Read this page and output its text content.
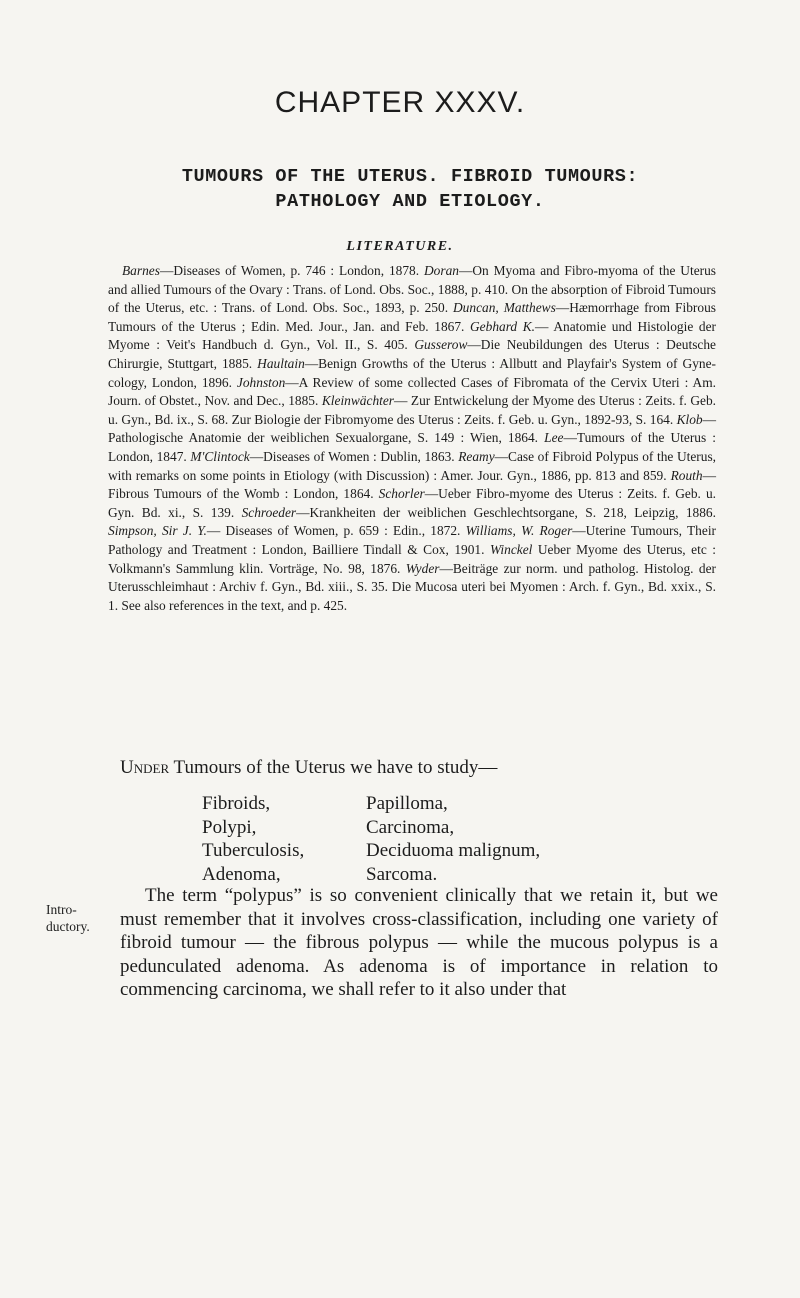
CHAPTER XXXV.
TUMOURS OF THE UTERUS. FIBROID TUMOURS:
PATHOLOGY AND ETIOLOGY.
LITERATURE.

Barnes—Diseases of Women, p. 746 : London, 1878. Doran—On Myoma and Fibro-myoma of the Uterus and allied Tumours of the Ovary : Trans. of Lond. Obs. Soc., 1888, p. 410. On the absorption of Fibroid Tumours of the Uterus, etc. : Trans. of Lond. Obs. Soc., 1893, p. 250. Duncan, Matthews—Hæmorrhage from Fibrous Tumours of the Uterus ; Edin. Med. Jour., Jan. and Feb. 1867. Gebhard K.— Anatomie und Histologie der Myome : Veit's Handbuch d. Gyn., Vol. II., S. 405. Gusserow—Die Neubildungen des Uterus : Deutsche Chirurgie, Stuttgart, 1885. Haultain—Benign Growths of the Uterus : Allbutt and Playfair's System of Gyne-cology, London, 1896. Johnston—A Review of some collected Cases of Fibromata of the Cervix Uteri : Am. Journ. of Obstet., Nov. and Dec., 1885. Kleinwächter— Zur Entwickelung der Myome des Uterus : Zeits. f. Geb. u. Gyn., Bd. ix., S. 68. Zur Biologie der Fibromyome des Uterus : Zeits. f. Geb. u. Gyn., 1892-93, S. 164. Klob—Pathologische Anatomie der weiblichen Sexualorgane, S. 149 : Wien, 1864. Lee—Tumours of the Uterus : London, 1847. M'Clintock—Diseases of Women : Dublin, 1863. Reamy—Case of Fibroid Polypus of the Uterus, with remarks on some points in Etiology (with Discussion) : Amer. Jour. Gyn., 1886, pp. 813 and 859. Routh—Fibrous Tumours of the Womb : London, 1864. Schorler—Ueber Fibro-myome des Uterus : Zeits. f. Geb. u. Gyn. Bd. xi., S. 139. Schroeder—Krankheiten der weiblichen Geschlechtsorgane, S. 218, Leipzig, 1886. Simpson, Sir J. Y.— Diseases of Women, p. 659 : Edin., 1872. Williams, W. Roger—Uterine Tumours, Their Pathology and Treatment : London, Bailliere Tindall & Cox, 1901. Winckel Ueber Myome des Uterus, etc : Volkmann's Sammlung klin. Vorträge, No. 98, 1876. Wyder—Beiträge zur norm. und patholog. Histolog. der Uterusschleimhaut : Archiv f. Gyn., Bd. xiii., S. 35. Die Mucosa uteri bei Myomen : Arch. f. Gyn., Bd. xxix., S. 1. See also references in the text, and p. 425.

Under Tumours of the Uterus we have to study—

Fibroids,	Papilloma,
Polypi,	Carcinoma,
Tuberculosis,	Deciduoma malignum,
Adenoma,	Sarcoma.
Intro-ductory.

The term “polypus” is so convenient clinically that we retain it, but we must remember that it involves cross-classification, including one variety of fibroid tumour — the fibrous polypus — while the mucous polypus is a pedunculated adenoma. As adenoma is of importance in relation to commencing carcinoma, we shall refer to it also under that
